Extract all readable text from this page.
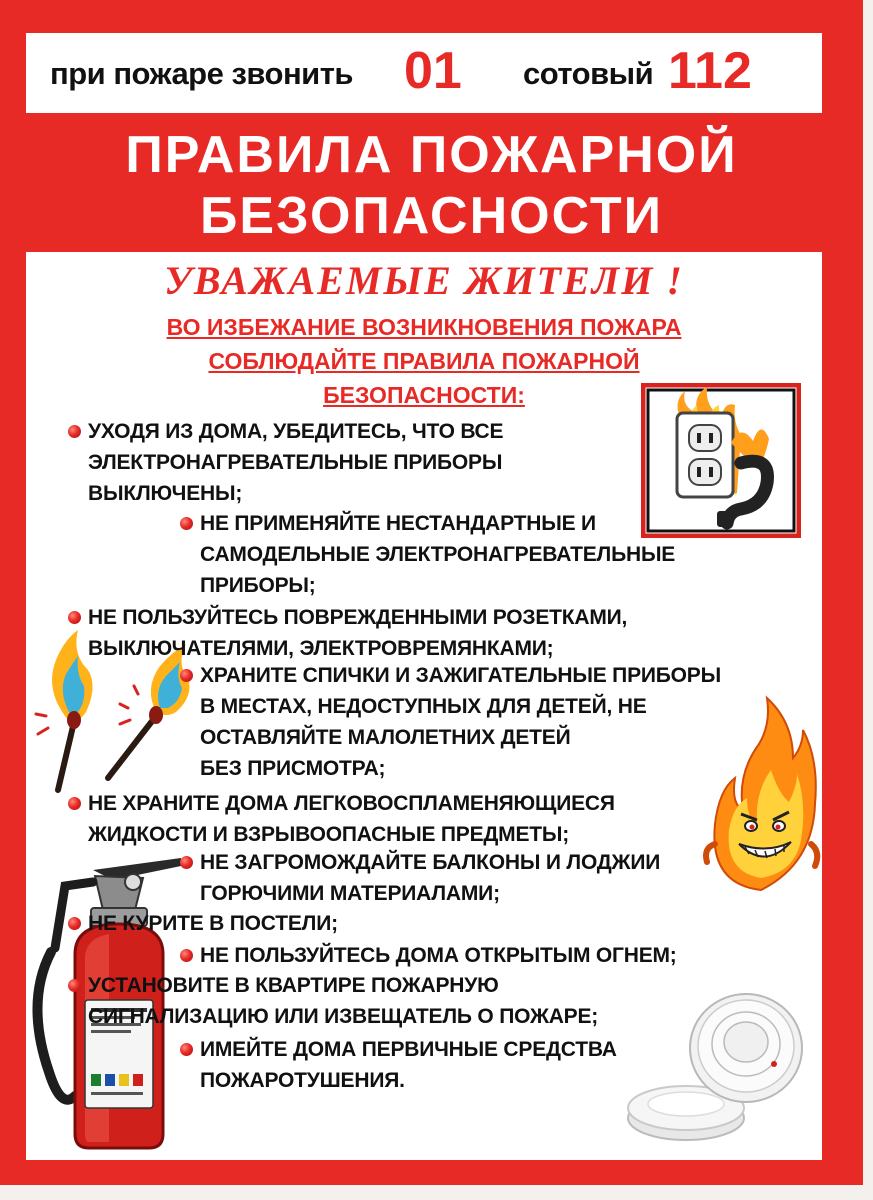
при пожаре звонить 01 сотовый 112
ПРАВИЛА ПОЖАРНОЙ
БЕЗОПАСНОСТИ
УВАЖАЕМЫЕ ЖИТЕЛИ !
ВО ИЗБЕЖАНИЕ ВОЗНИКНОВЕНИЯ ПОЖАРА
СОБЛЮДАЙТЕ ПРАВИЛА ПОЖАРНОЙ
БЕЗОПАСНОСТИ:
УХОДЯ ИЗ ДОМА, УБЕДИТЕСЬ, ЧТО ВСЕ
ЭЛЕКТРОНАГРЕВАТЕЛЬНЫЕ ПРИБОРЫ
ВЫКЛЮЧЕНЫ;
НЕ ПРИМЕНЯЙТЕ НЕСТАНДАРТНЫЕ И
САМОДЕЛЬНЫЕ ЭЛЕКТРОНАГРЕВАТЕЛЬНЫЕ
ПРИБОРЫ;
НЕ ПОЛЬЗУЙТЕСЬ ПОВРЕЖДЕННЫМИ РОЗЕТКАМИ,
ВЫКЛЮЧАТЕЛЯМИ, ЭЛЕКТРОВРЕМЯНКАМИ;
ХРАНИТЕ СПИЧКИ И ЗАЖИГАТЕЛЬНЫЕ ПРИБОРЫ
В МЕСТАХ, НЕДОСТУПНЫХ ДЛЯ ДЕТЕЙ, НЕ
ОСТАВЛЯЙТЕ МАЛОЛЕТНИХ ДЕТЕЙ
БЕЗ ПРИСМОТРА;
НЕ ХРАНИТЕ ДОМА ЛЕГКОВОСПЛАМЕНЯЮЩИЕСЯ
ЖИДКОСТИ И ВЗРЫВООПАСНЫЕ ПРЕДМЕТЫ;
НЕ ЗАГРОМОЖДАЙТЕ БАЛКОНЫ И ЛОДЖИИ
ГОРЮЧИМИ МАТЕРИАЛАМИ;
НЕ КУРИТЕ В ПОСТЕЛИ;
НЕ ПОЛЬЗУЙТЕСЬ ДОМА ОТКРЫТЫМ ОГНЕМ;
УСТАНОВИТЕ В КВАРТИРЕ ПОЖАРНУЮ
СИГНАЛИЗАЦИЮ ИЛИ ИЗВЕЩАТЕЛЬ О ПОЖАРЕ;
ИМЕЙТЕ ДОМА ПЕРВИЧНЫЕ СРЕДСТВА
ПОЖАРОТУШЕНИЯ.
